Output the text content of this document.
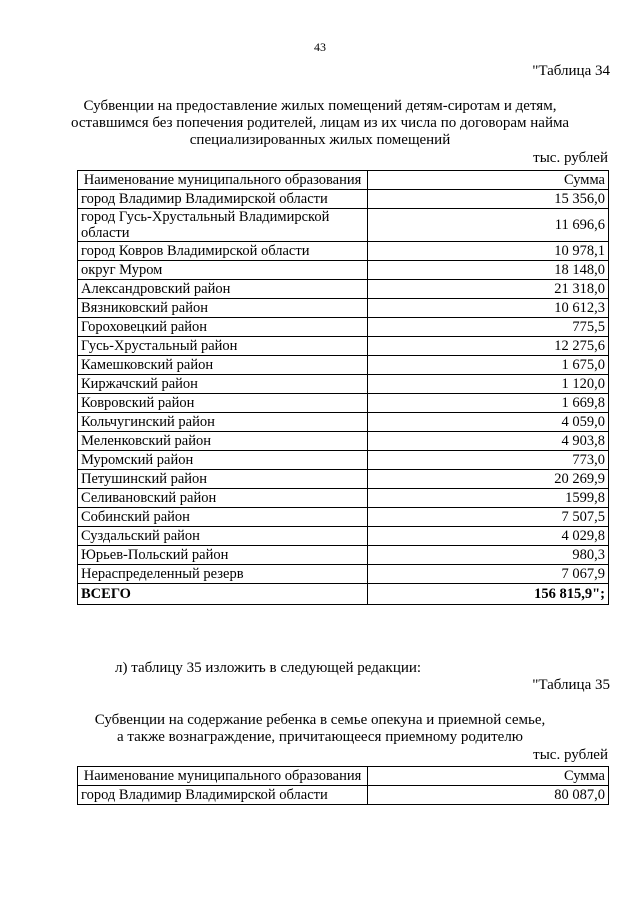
43
"Таблица 34
Субвенции на предоставление жилых помещений детям-сиротам и детям,
оставшимся без попечения родителей, лицам из их числа по договорам найма
специализированных жилых помещений
тыс. рублей
Наименование муниципального образования	Сумма
город Владимир Владимирской области	15 356,0
город Гусь-Хрустальный Владимирской области	11 696,6
город Ковров Владимирской области	10 978,1
округ Муром	18 148,0
Александровский район	21 318,0
Вязниковский район	10 612,3
Гороховецкий район	775,5
Гусь-Хрустальный район	12 275,6
Камешковский район	1 675,0
Киржачский район	1 120,0
Ковровский район	1 669,8
Кольчугинский район	4 059,0
Меленковский район	4 903,8
Муромский район	773,0
Петушинский район	20 269,9
Селивановский район	1599,8
Собинский район	7 507,5
Суздальский район	4 029,8
Юрьев-Польский район	980,3
Нераспределенный резерв	7 067,9
ВСЕГО	156 815,9";
л) таблицу 35 изложить в следующей редакции:
"Таблица 35
Субвенции на содержание ребенка в семье опекуна и приемной семье,
а также вознаграждение, причитающееся приемному родителю
тыс. рублей
Наименование муниципального образования	Сумма
город Владимир Владимирской области	80 087,0
